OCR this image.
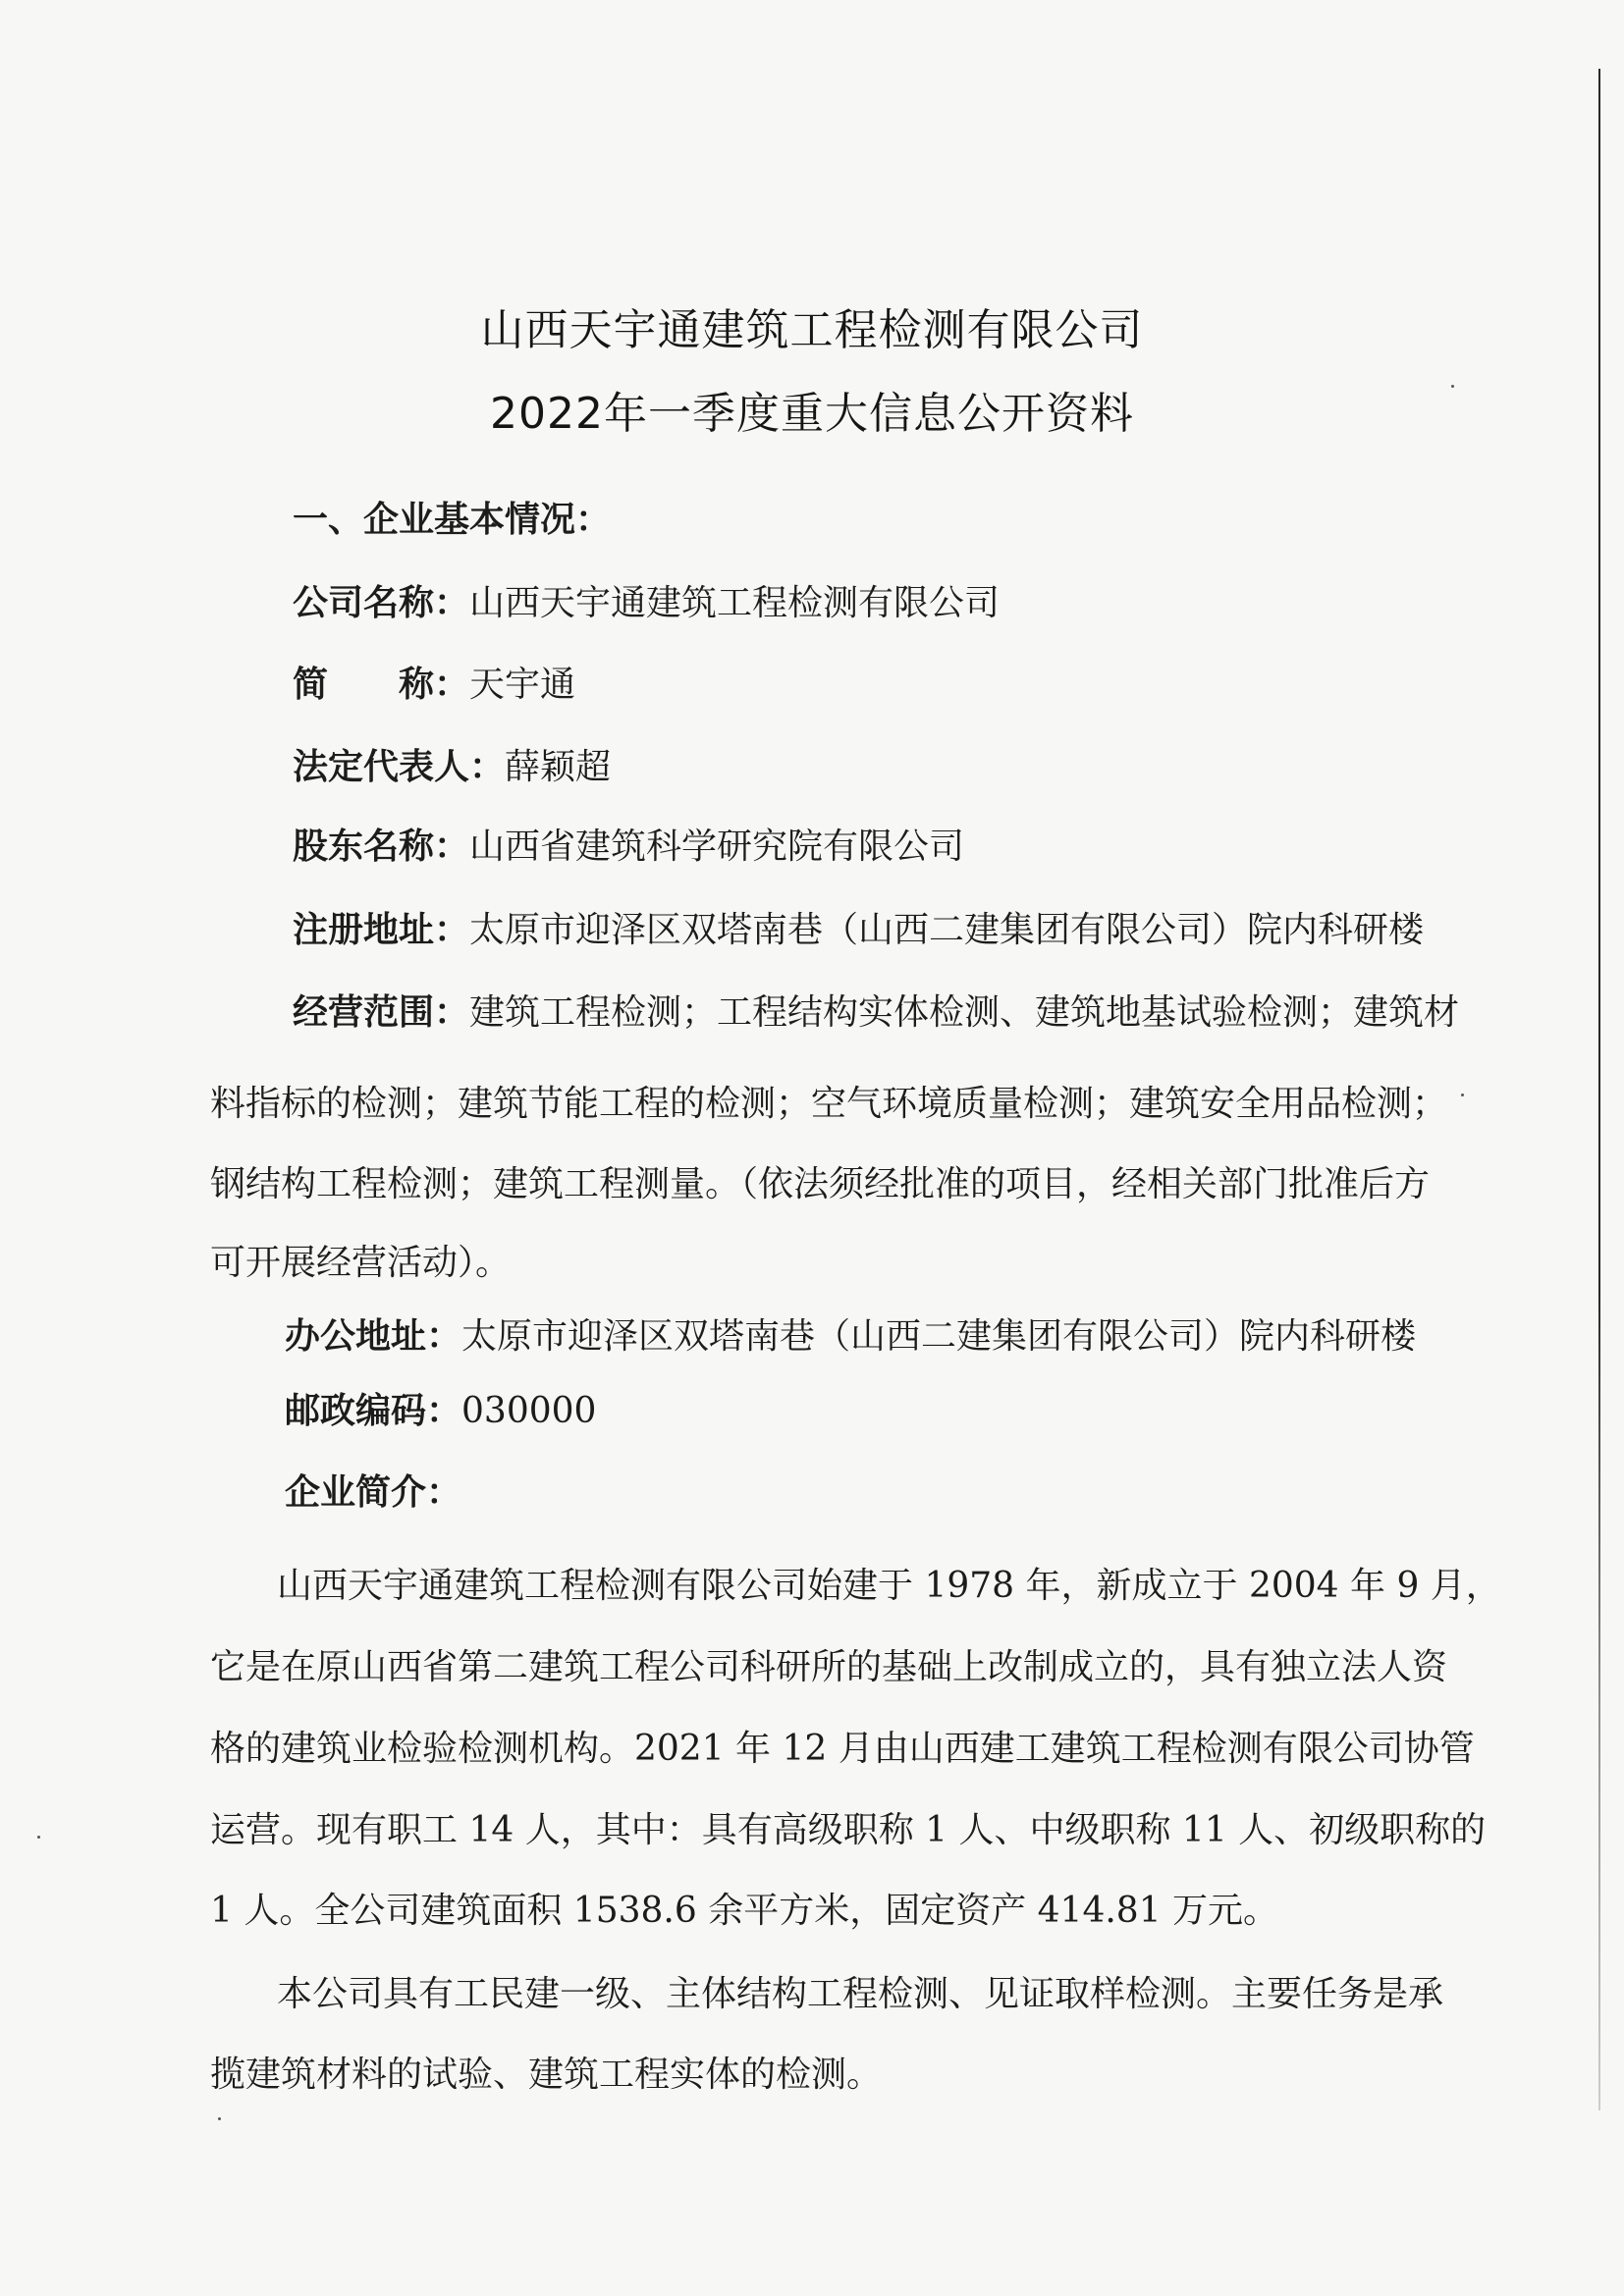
山西天宇通建筑工程检测有限公司
2022年一季度重大信息公开资料
一、企业基本情况：
公司名称：山西天宇通建筑工程检测有限公司
简　　称：天宇通
法定代表人：薛颖超
股东名称：山西省建筑科学研究院有限公司
注册地址：太原市迎泽区双塔南巷（山西二建集团有限公司）院内科研楼
经营范围：建筑工程检测；工程结构实体检测、建筑地基试验检测；建筑材
料指标的检测；建筑节能工程的检测；空气环境质量检测；建筑安全用品检测；
钢结构工程检测；建筑工程测量。（依法须经批准的项目，经相关部门批准后方
可开展经营活动）。
办公地址：太原市迎泽区双塔南巷（山西二建集团有限公司）院内科研楼
邮政编码：030000
企业简介：
山西天宇通建筑工程检测有限公司始建于 1978 年，新成立于 2004 年 9 月，
它是在原山西省第二建筑工程公司科研所的基础上改制成立的，具有独立法人资
格的建筑业检验检测机构。2021 年 12 月由山西建工建筑工程检测有限公司协管
运营。现有职工 14 人，其中：具有高级职称 1 人、中级职称 11 人、初级职称的
1 人。全公司建筑面积 1538.6 余平方米，固定资产 414.81 万元。
本公司具有工民建一级、主体结构工程检测、见证取样检测。主要任务是承
揽建筑材料的试验、建筑工程实体的检测。
